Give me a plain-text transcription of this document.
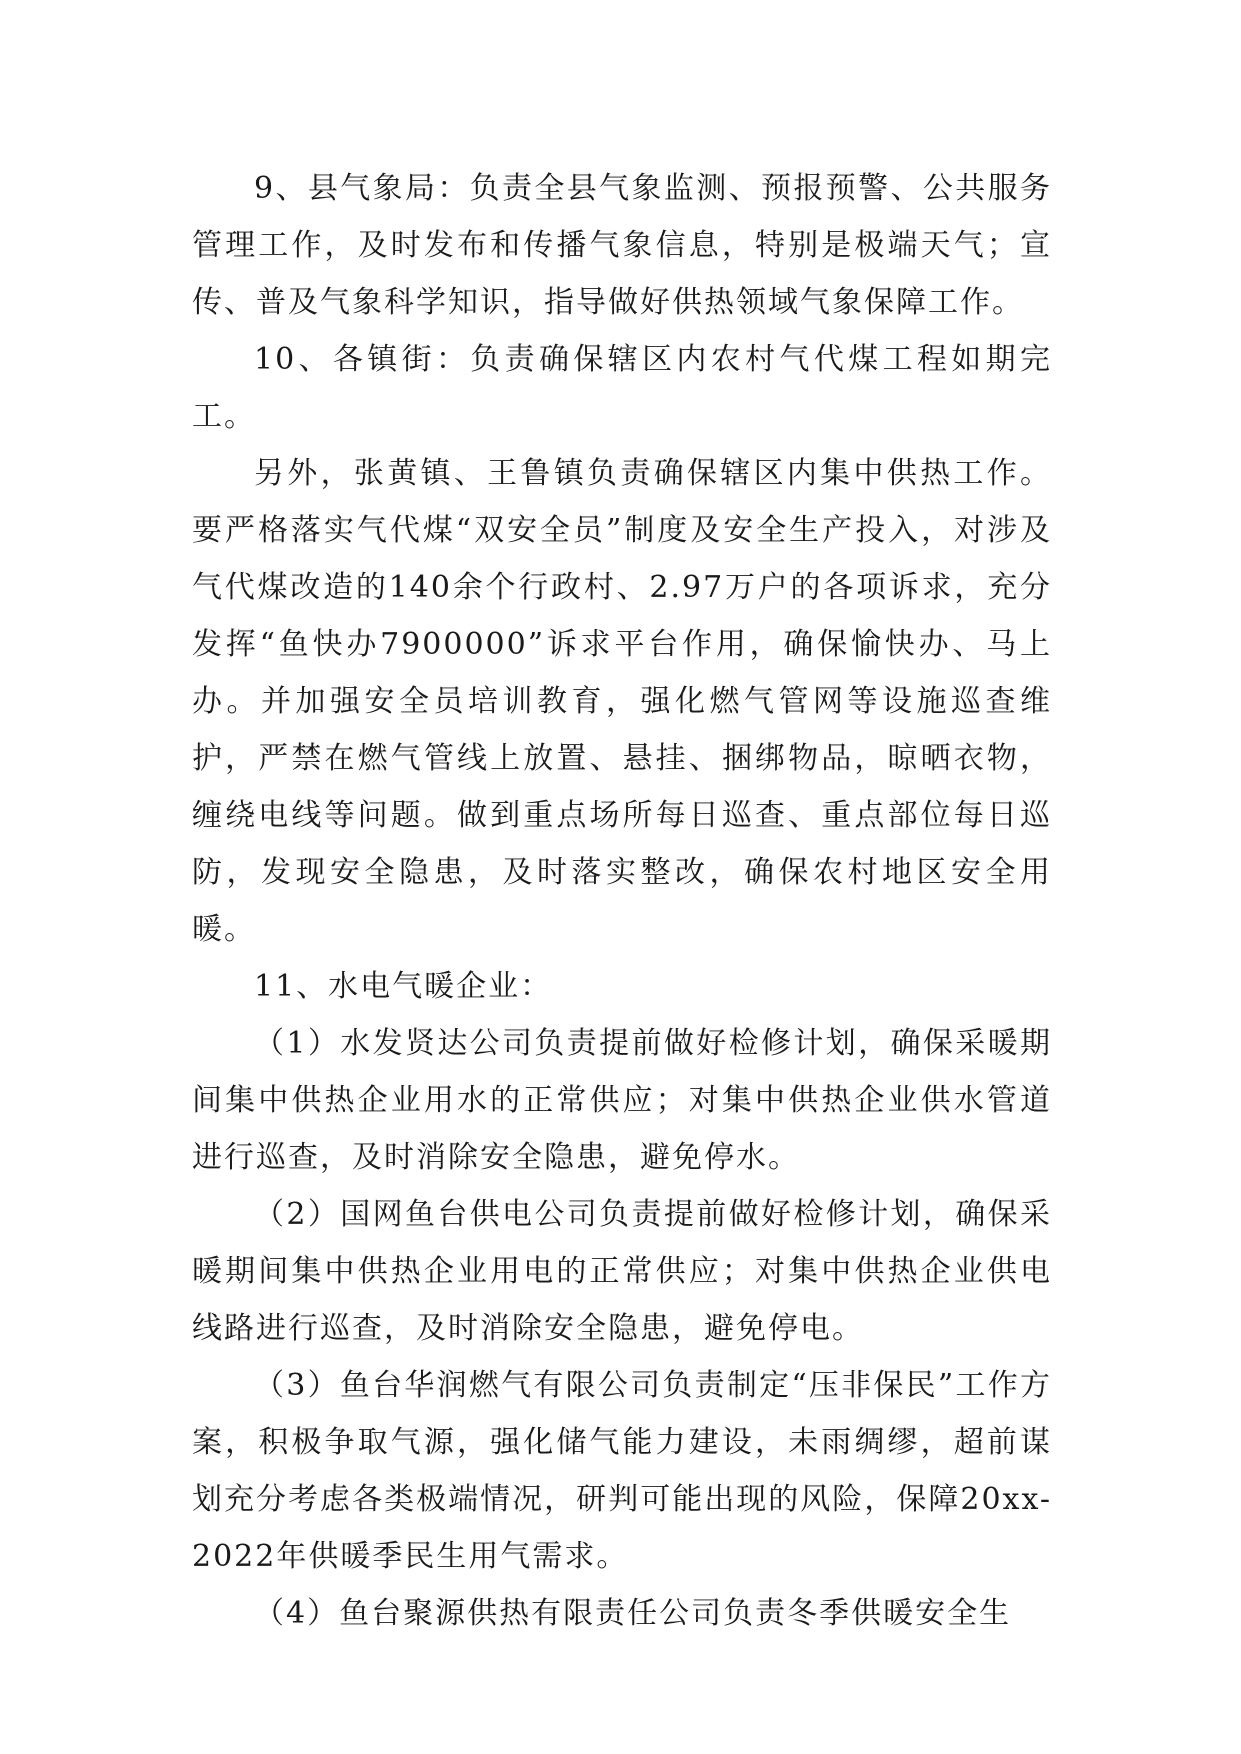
9、县气象局：负责全县气象监测、预报预警、公共服务管理工作，及时发布和传播气象信息，特别是极端天气；宣传、普及气象科学知识，指导做好供热领域气象保障工作。

10、各镇街：负责确保辖区内农村气代煤工程如期完工。

另外，张黄镇、王鲁镇负责确保辖区内集中供热工作。要严格落实气代煤“双安全员”制度及安全生产投入，对涉及气代煤改造的140余个行政村、2.97万户的各项诉求，充分发挥“鱼快办7900000”诉求平台作用，确保愉快办、马上办。并加强安全员培训教育，强化燃气管网等设施巡查维护，严禁在燃气管线上放置、悬挂、捆绑物品，晾晒衣物，缠绕电线等问题。做到重点场所每日巡查、重点部位每日巡防，发现安全隐患，及时落实整改，确保农村地区安全用暖。

11、水电气暖企业：

（1）水发贤达公司负责提前做好检修计划，确保采暖期间集中供热企业用水的正常供应；对集中供热企业供水管道进行巡查，及时消除安全隐患，避免停水。

（2）国网鱼台供电公司负责提前做好检修计划，确保采暖期间集中供热企业用电的正常供应；对集中供热企业供电线路进行巡查，及时消除安全隐患，避免停电。

（3）鱼台华润燃气有限公司负责制定“压非保民”工作方案，积极争取气源，强化储气能力建设，未雨绸缪，超前谋划充分考虑各类极端情况，研判可能出现的风险，保障20xx-2022年供暖季民生用气需求。

（4）鱼台聚源供热有限责任公司负责冬季供暖安全生
